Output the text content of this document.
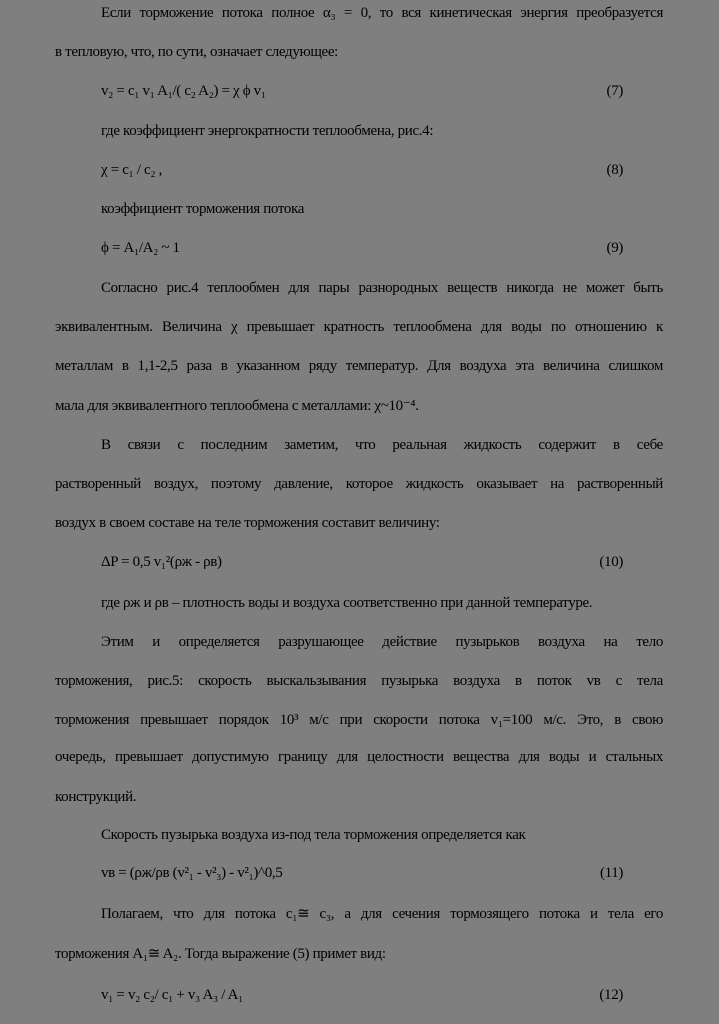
Если торможение потока полное α₃ = 0, то вся кинетическая энергия преобразуется
в тепловую, что, по сути, означает следующее:
v₂ = c₁ v₁ A₁/( c₂ A₂) = χ ϕ v₁	(7)
где коэффициент энергократности теплообмена, рис.4:
χ = c₁ / c₂ ,	(8)
коэффициент торможения потока
ϕ = A₁/A₂ ~ 1	(9)
Согласно рис.4 теплообмен для пары разнородных веществ никогда не может быть
эквивалентным. Величина χ превышает кратность теплообмена для воды по отношению к
металлам в 1,1-2,5 раза в указанном ряду температур. Для воздуха эта величина слишком
мала для эквивалентного теплообмена с металлами: χ~10⁻⁴.
В связи с последним заметим, что реальная жидкость содержит в себе
растворенный воздух, поэтому давление, которое жидкость оказывает на растворенный
воздух в своем составе на теле торможения составит величину:
ΔP = 0,5 v₁²(ρж - ρв)	(10)
где ρж и ρв – плотность воды и воздуха соответственно при данной температуре.
Этим и определяется разрушающее действие пузырьков воздуха на тело
торможения, рис.5: скорость выскальзывания пузырька воздуха в поток vв с тела
торможения превышает порядок 10³ м/с при скорости потока v₁=100 м/с. Это, в свою
очередь, превышает допустимую границу для целостности вещества для воды и стальных
конструкций.
Скорость пузырька воздуха из-под тела торможения определяется как
vв = (ρж/ρв (v²₁ - v²₃) - v²₁)^0,5	(11)
Полагаем, что для потока c₁≅ c₃, а для сечения тормозящего потока и тела его
торможения A₁≅ A₂. Тогда выражение (5) примет вид:
v₁ = v₂ c₂/ c₁ + v₃ A₃ / A₁	(12)
